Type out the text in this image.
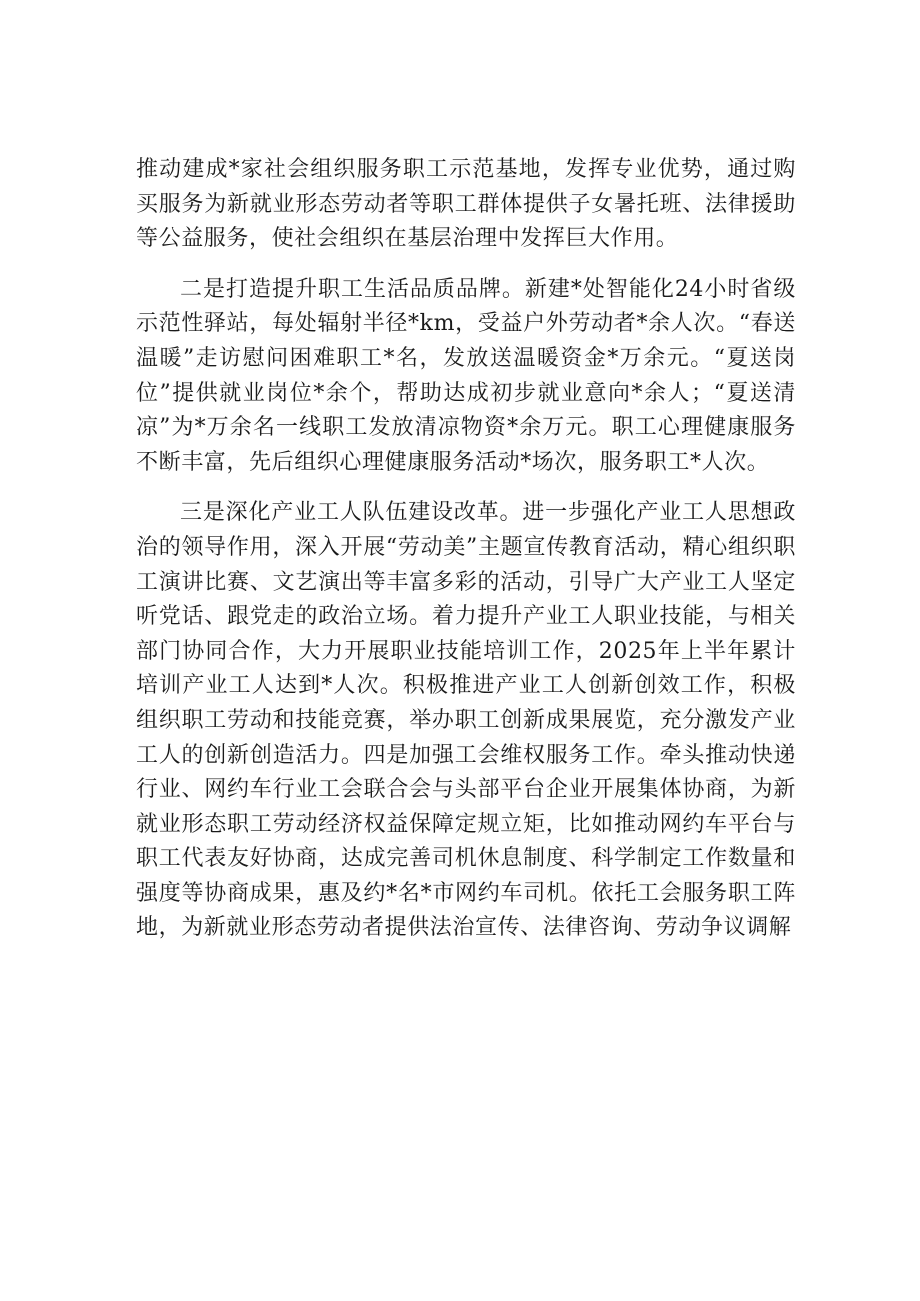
推动建成*家社会组织服务职工示范基地，发挥专业优势，通过购买服务为新就业形态劳动者等职工群体提供子女暑托班、法律援助等公益服务，使社会组织在基层治理中发挥巨大作用。

二是打造提升职工生活品质品牌。新建*处智能化24小时省级示范性驿站，每处辐射半径*km，受益户外劳动者*余人次。“春送温暖”走访慰问困难职工*名，发放送温暖资金*万余元。“夏送岗位”提供就业岗位*余个，帮助达成初步就业意向*余人；“夏送清凉”为*万余名一线职工发放清凉物资*余万元。职工心理健康服务不断丰富，先后组织心理健康服务活动*场次，服务职工*人次。

三是深化产业工人队伍建设改革。进一步强化产业工人思想政治的领导作用，深入开展“劳动美”主题宣传教育活动，精心组织职工演讲比赛、文艺演出等丰富多彩的活动，引导广大产业工人坚定听党话、跟党走的政治立场。着力提升产业工人职业技能，与相关部门协同合作，大力开展职业技能培训工作，2025年上半年累计培训产业工人达到*人次。积极推进产业工人创新创效工作，积极组织职工劳动和技能竞赛，举办职工创新成果展览，充分激发产业工人的创新创造活力。四是加强工会维权服务工作。牵头推动快递行业、网约车行业工会联合会与头部平台企业开展集体协商，为新就业形态职工劳动经济权益保障定规立矩，比如推动网约车平台与职工代表友好协商，达成完善司机休息制度、科学制定工作数量和强度等协商成果，惠及约*名*市网约车司机。依托工会服务职工阵地，为新就业形态劳动者提供法治宣传、法律咨询、劳动争议调解
